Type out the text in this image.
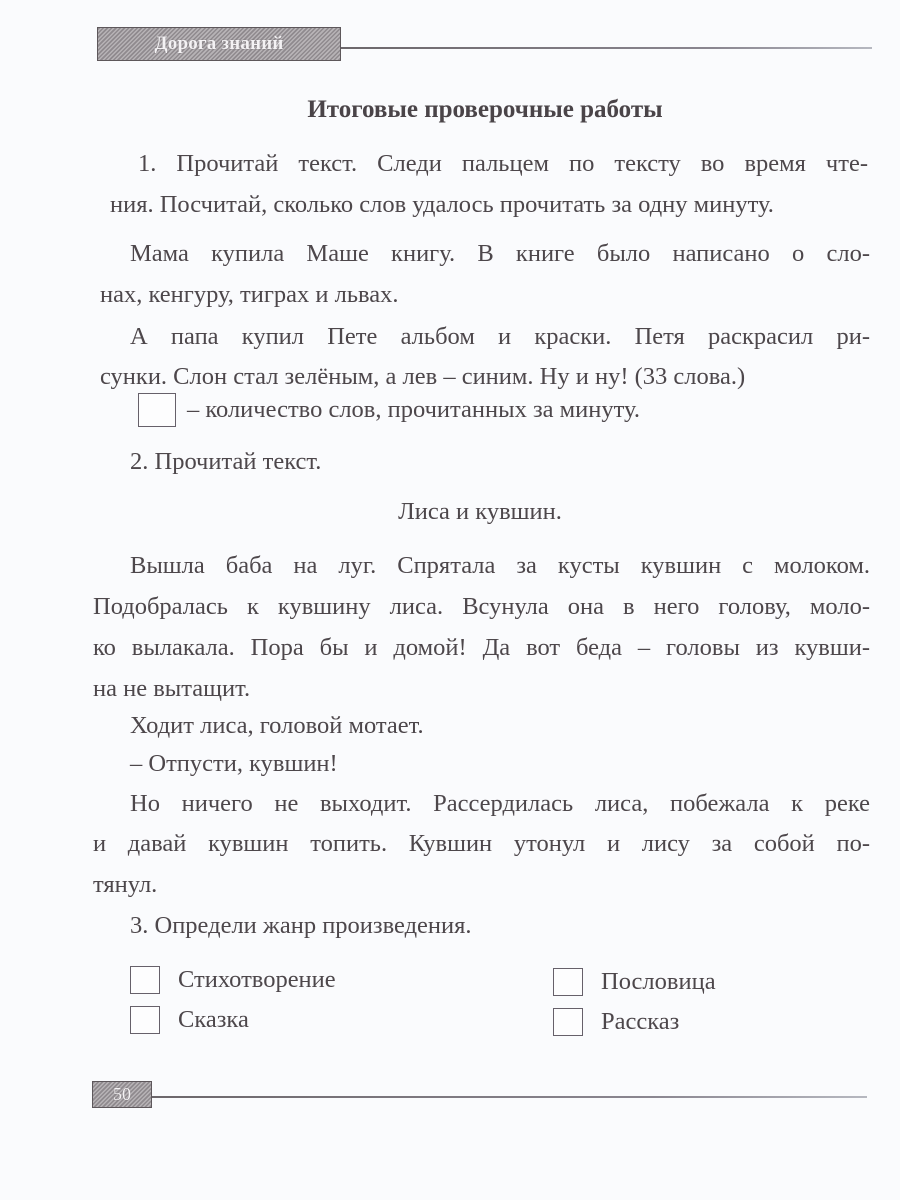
Дорога знаний
Итоговые проверочные работы
1. Прочитай текст. Следи пальцем по тексту во время чте-
ния. Посчитай, сколько слов удалось прочитать за одну минуту.
Мама купила Маше книгу. В книге было написано о сло-
нах, кенгуру, тиграх и львах.
А папа купил Пете альбом и краски. Петя раскрасил ри-
сунки. Слон стал зелёным, а лев – синим. Ну и ну! (33 слова.)
– количество слов, прочитанных за минуту.
2. Прочитай текст.
Лиса и кувшин.
Вышла баба на луг. Спрятала за кусты кувшин с молоком.
Подобралась к кувшину лиса. Всунула она в него голову, моло-
ко вылакала. Пора бы и домой! Да вот беда – головы из кувши-
на не вытащит.
Ходит лиса, головой мотает.
– Отпусти, кувшин!
Но ничего не выходит. Рассердилась лиса, побежала к реке
и давай кувшин топить. Кувшин утонул и лису за собой по-
тянул.
3. Определи жанр произведения.
Стихотворение
Сказка
Пословица
Рассказ
50
